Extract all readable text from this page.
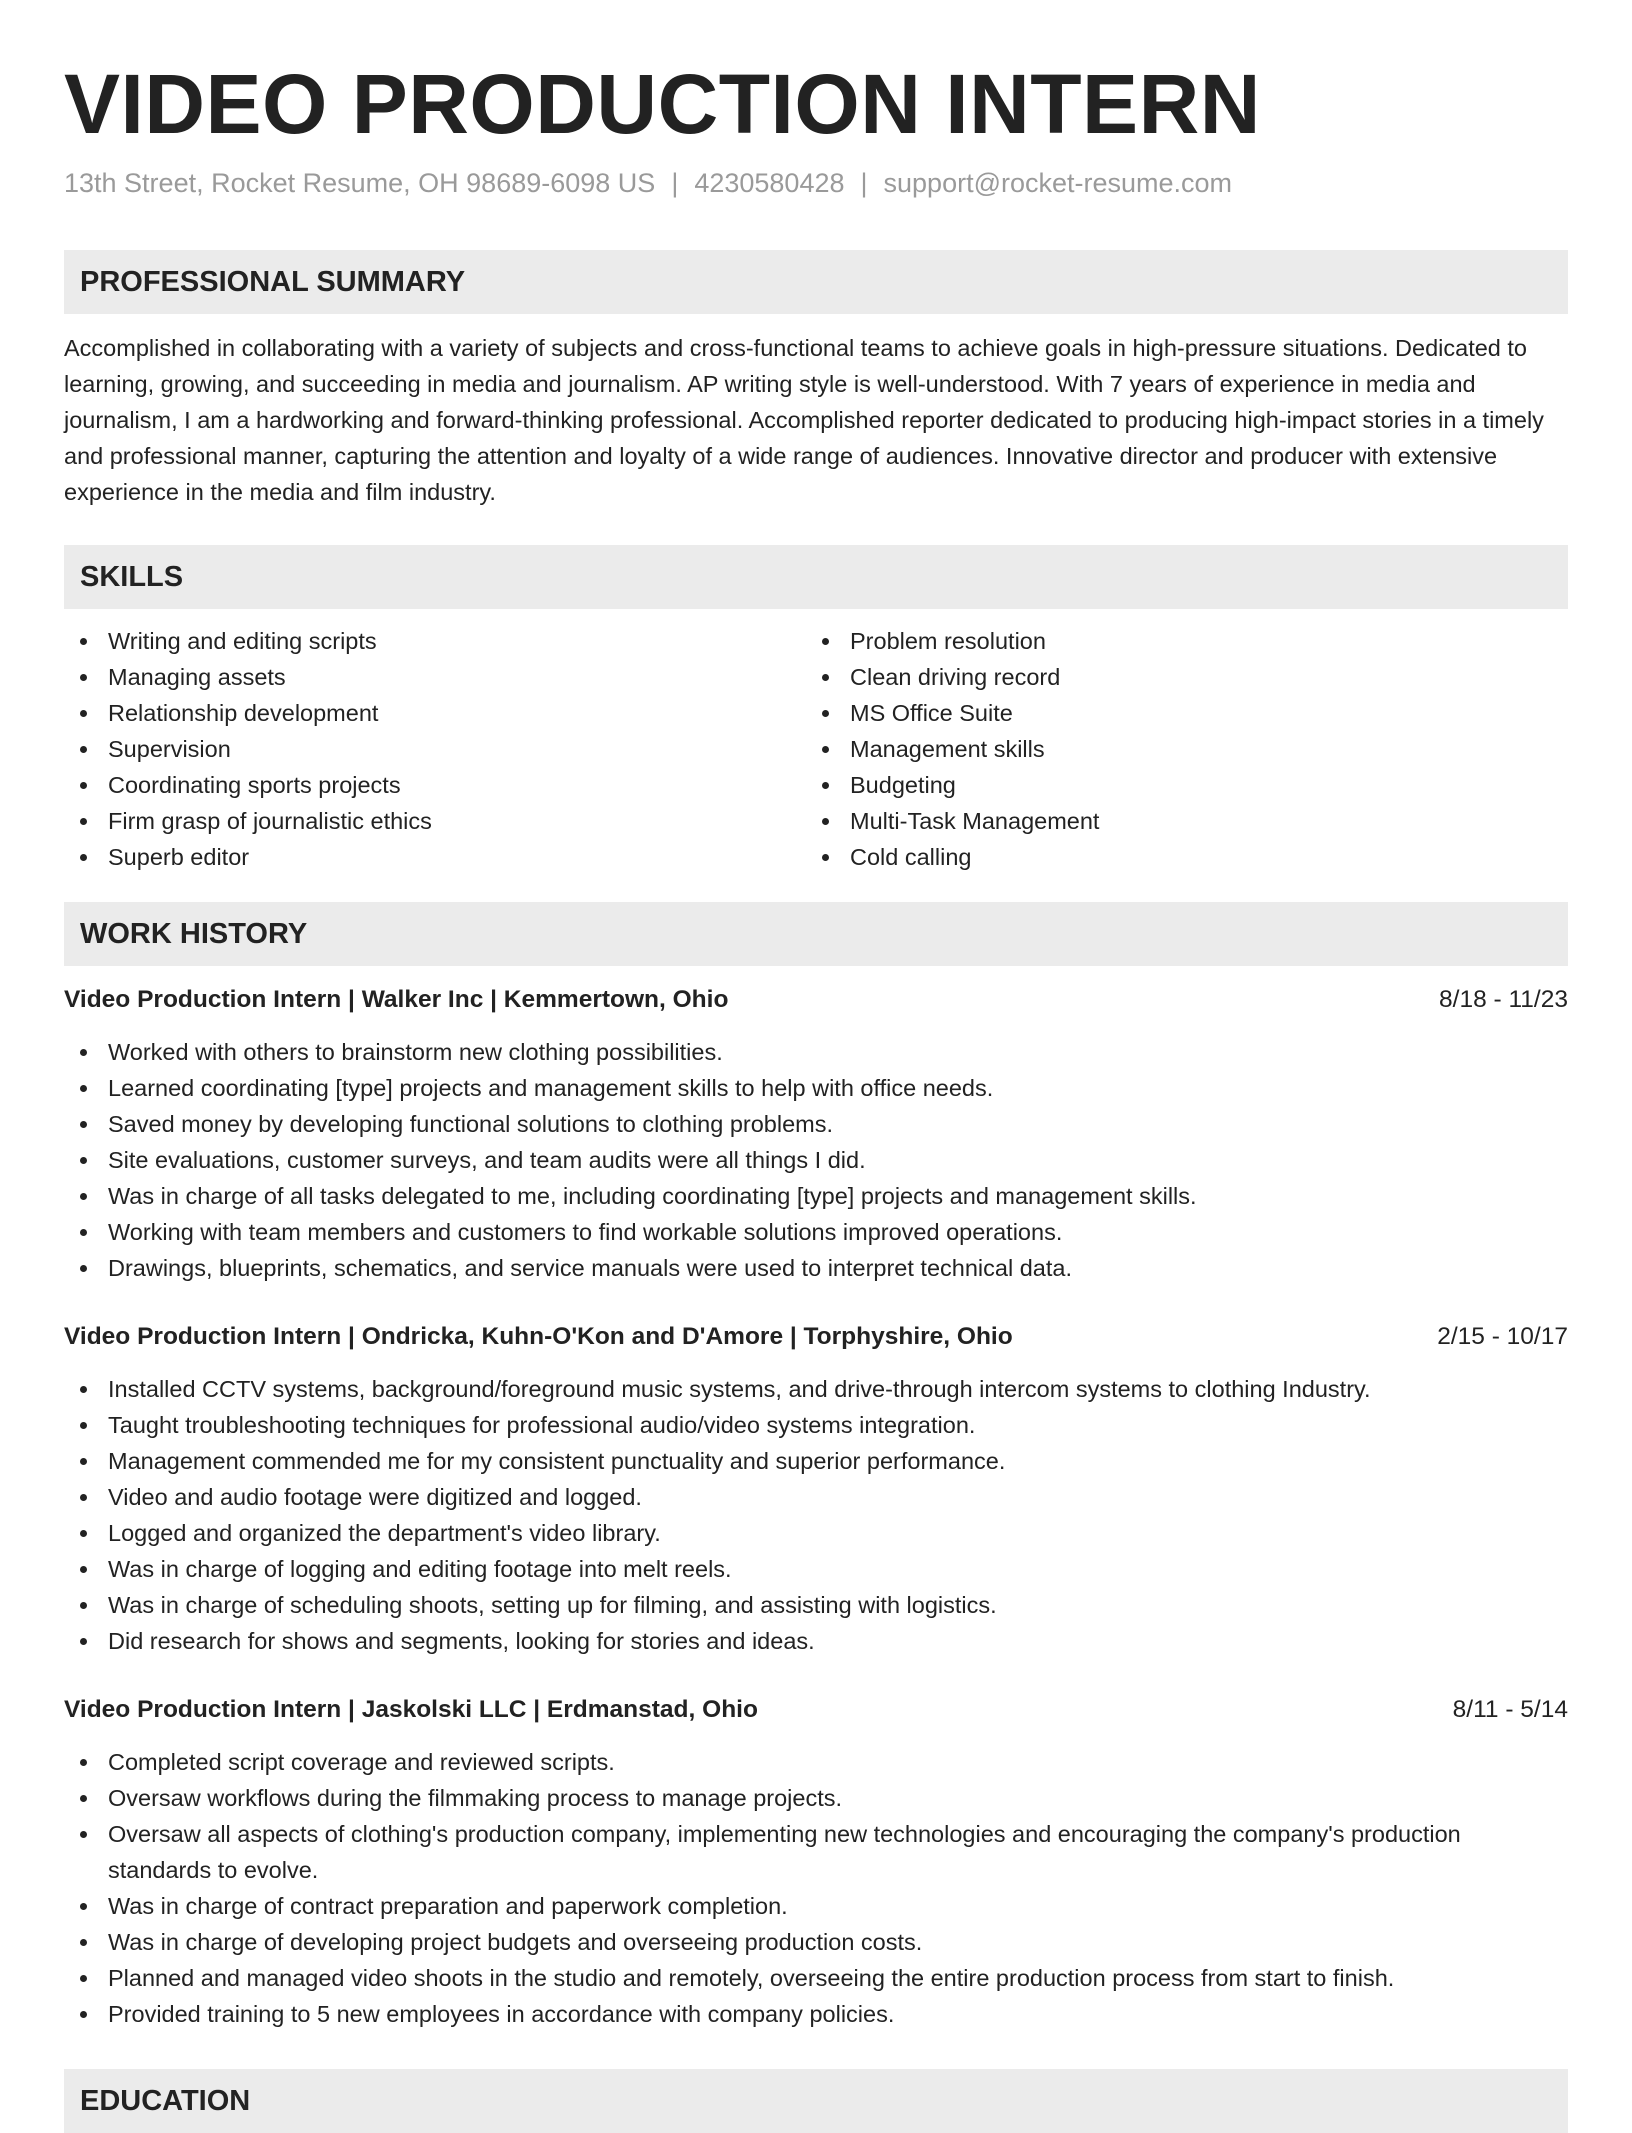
VIDEO PRODUCTION INTERN
13th Street, Rocket Resume, OH 98689-6098 US | 4230580428 | support@rocket-resume.com
PROFESSIONAL SUMMARY

Accomplished in collaborating with a variety of subjects and cross-functional teams to achieve goals in high-pressure situations. Dedicated to learning, growing, and succeeding in media and journalism. AP writing style is well-understood. With 7 years of experience in media and journalism, I am a hardworking and forward-thinking professional. Accomplished reporter dedicated to producing high-impact stories in a timely and professional manner, capturing the attention and loyalty of a wide range of audiences. Innovative director and producer with extensive experience in the media and film industry.

SKILLS
Writing and editing scripts
Managing assets
Relationship development
Supervision
Coordinating sports projects
Firm grasp of journalistic ethics
Superb editor
Problem resolution
Clean driving record
MS Office Suite
Management skills
Budgeting
Multi-Task Management
Cold calling
WORK HISTORY
Video Production Intern | Walker Inc | Kemmertown, Ohio	8/18 - 11/23
Worked with others to brainstorm new clothing possibilities.
Learned coordinating [type] projects and management skills to help with office needs.
Saved money by developing functional solutions to clothing problems.
Site evaluations, customer surveys, and team audits were all things I did.
Was in charge of all tasks delegated to me, including coordinating [type] projects and management skills.
Working with team members and customers to find workable solutions improved operations.
Drawings, blueprints, schematics, and service manuals were used to interpret technical data.
Video Production Intern | Ondricka, Kuhn-O'Kon and D'Amore | Torphyshire, Ohio	2/15 - 10/17
Installed CCTV systems, background/foreground music systems, and drive-through intercom systems to clothing Industry.
Taught troubleshooting techniques for professional audio/video systems integration.
Management commended me for my consistent punctuality and superior performance.
Video and audio footage were digitized and logged.
Logged and organized the department's video library.
Was in charge of logging and editing footage into melt reels.
Was in charge of scheduling shoots, setting up for filming, and assisting with logistics.
Did research for shows and segments, looking for stories and ideas.
Video Production Intern | Jaskolski LLC | Erdmanstad, Ohio	8/11 - 5/14
Completed script coverage and reviewed scripts.
Oversaw workflows during the filmmaking process to manage projects.
Oversaw all aspects of clothing's production company, implementing new technologies and encouraging the company's production standards to evolve.
Was in charge of contract preparation and paperwork completion.
Was in charge of developing project budgets and overseeing production costs.
Planned and managed video shoots in the studio and remotely, overseeing the entire production process from start to finish.
Provided training to 5 new employees in accordance with company policies.
EDUCATION
